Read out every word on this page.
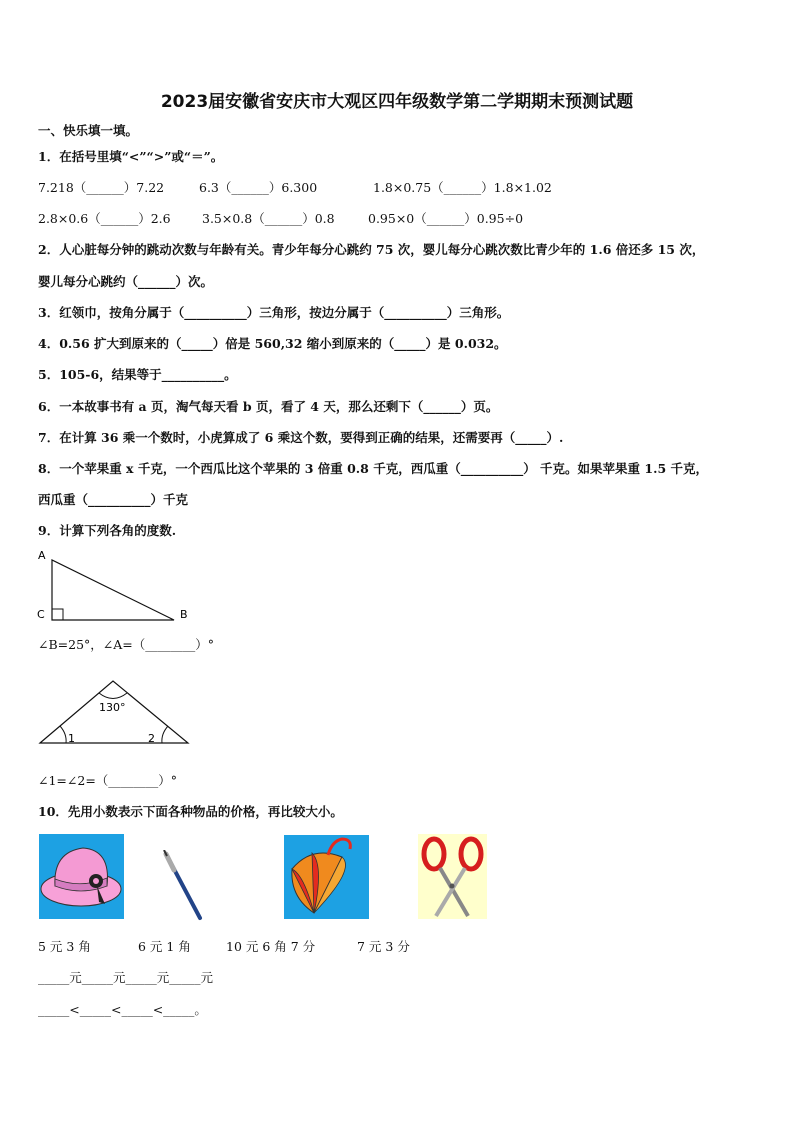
2023届安徽省安庆市大观区四年级数学第二学期期末预测试题
一、快乐填一填。
1．在括号里填“<”“>”或“＝”。
7.218（______）7.22	6.3（______）6.300	1.8×0.75（______）1.8×1.02
2.8×0.6（______）2.6	3.5×0.8（______）0.8	0.95×0（______）0.95÷0
2．人心脏每分钟的跳动次数与年龄有关。青少年每分心跳约 75 次，婴儿每分心跳次数比青少年的 1.6 倍还多 15 次，
婴儿每分心跳约（______）次。
3．红领巾，按角分属于（__________）三角形，按边分属于（__________）三角形。
4．0.56 扩大到原来的（_____）倍是 560,32 缩小到原来的（_____）是 0.032。
5．105-6，结果等于__________。
6．一本故事书有 a 页，淘气每天看 b 页，看了 4 天，那么还剩下（______）页。
7．在计算 36 乘一个数时，小虎算成了 6 乘这个数，要得到正确的结果，还需要再（_____）.
8．一个苹果重 x 千克，一个西瓜比这个苹果的 3 倍重 0.8 千克，西瓜重（__________） 千克。如果苹果重 1.5 千克，
西瓜重（__________）千克
9．计算下列各角的度数.
A
C	B
∠B=25°，∠A=（________）°
130°
1	2
∠1=∠2=（________）°
10．先用小数表示下面各种物品的价格，再比较大小。
5 元 3 角	6 元 1 角	10 元 6 角 7 分	7 元 3 分
_____元_____元_____元_____元
_____<_____<_____<_____。
